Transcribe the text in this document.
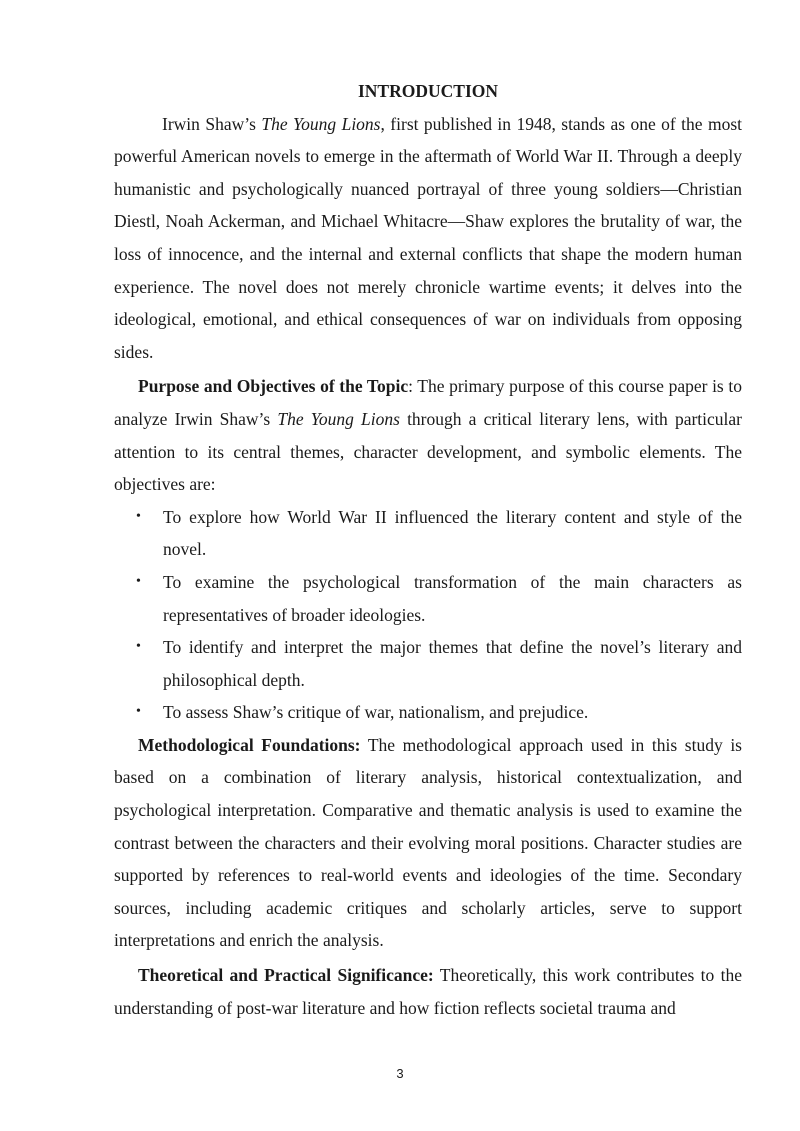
INTRODUCTION

Irwin Shaw’s The Young Lions, first published in 1948, stands as one of the most powerful American novels to emerge in the aftermath of World War II. Through a deeply humanistic and psychologically nuanced portrayal of three young soldiers—Christian Diestl, Noah Ackerman, and Michael Whitacre—Shaw explores the brutality of war, the loss of innocence, and the internal and external conflicts that shape the modern human experience. The novel does not merely chronicle wartime events; it delves into the ideological, emotional, and ethical consequences of war on individuals from opposing sides.

Purpose and Objectives of the Topic: The primary purpose of this course paper is to analyze Irwin Shaw’s The Young Lions through a critical literary lens, with particular attention to its central themes, character development, and symbolic elements. The objectives are:

• To explore how World War II influenced the literary content and style of the novel.
• To examine the psychological transformation of the main characters as representatives of broader ideologies.
• To identify and interpret the major themes that define the novel’s literary and philosophical depth.
• To assess Shaw’s critique of war, nationalism, and prejudice.

Methodological Foundations: The methodological approach used in this study is based on a combination of literary analysis, historical contextualization, and psychological interpretation. Comparative and thematic analysis is used to examine the contrast between the characters and their evolving moral positions. Character studies are supported by references to real-world events and ideologies of the time. Secondary sources, including academic critiques and scholarly articles, serve to support interpretations and enrich the analysis.

Theoretical and Practical Significance: Theoretically, this work contributes to the understanding of post-war literature and how fiction reflects societal trauma and

3
